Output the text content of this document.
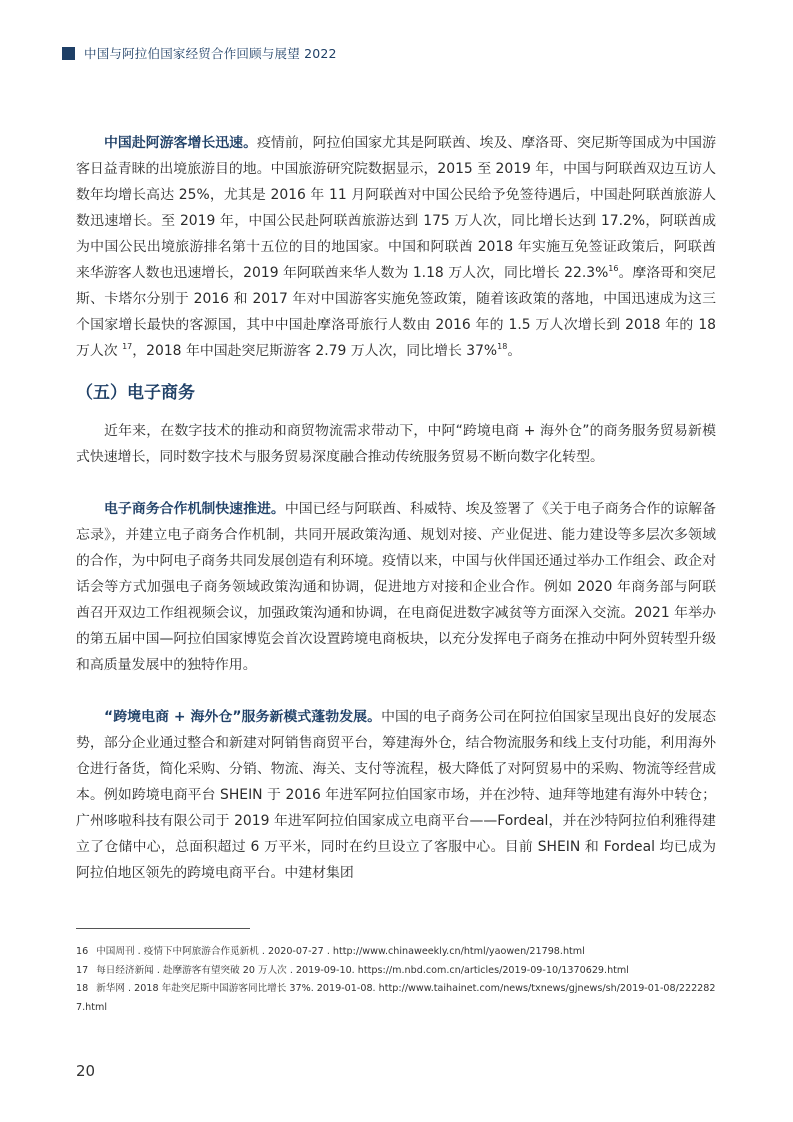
中国与阿拉伯国家经贸合作回顾与展望 2022

中国赴阿游客增长迅速。疫情前，阿拉伯国家尤其是阿联酋、埃及、摩洛哥、突尼斯等国成为中国游客日益青睐的出境旅游目的地。中国旅游研究院数据显示，2015 至 2019 年，中国与阿联酋双边互访人数年均增长高达 25%，尤其是 2016 年 11 月阿联酋对中国公民给予免签待遇后，中国赴阿联酋旅游人数迅速增长。至 2019 年，中国公民赴阿联酋旅游达到 175 万人次，同比增长达到 17.2%，阿联酋成为中国公民出境旅游排名第十五位的目的地国家。中国和阿联酋 2018 年实施互免签证政策后，阿联酋来华游客人数也迅速增长，2019 年阿联酋来华人数为 1.18 万人次，同比增长 22.3%$^{16}$。摩洛哥和突尼斯、卡塔尔分别于 2016 和 2017 年对中国游客实施免签政策，随着该政策的落地，中国迅速成为这三个国家增长最快的客源国，其中中国赴摩洛哥旅行人数由 2016 年的 1.5 万人次增长到 2018 年的 18 万人次 $^{17}$，2018 年中国赴突尼斯游客 2.79 万人次，同比增长 37%$^{18}$。

（五）电子商务

近年来，在数字技术的推动和商贸物流需求带动下，中阿“跨境电商 + 海外仓”的商务服务贸易新模式快速增长，同时数字技术与服务贸易深度融合推动传统服务贸易不断向数字化转型。

电子商务合作机制快速推进。中国已经与阿联酋、科威特、埃及签署了《关于电子商务合作的谅解备忘录》，并建立电子商务合作机制，共同开展政策沟通、规划对接、产业促进、能力建设等多层次多领域的合作，为中阿电子商务共同发展创造有利环境。疫情以来，中国与伙伴国还通过举办工作组会、政企对话会等方式加强电子商务领域政策沟通和协调，促进地方对接和企业合作。例如 2020 年商务部与阿联酋召开双边工作组视频会议，加强政策沟通和协调，在电商促进数字减贫等方面深入交流。2021 年举办的第五届中国—阿拉伯国家博览会首次设置跨境电商板块，以充分发挥电子商务在推动中阿外贸转型升级和高质量发展中的独特作用。

“跨境电商 + 海外仓”服务新模式蓬勃发展。中国的电子商务公司在阿拉伯国家呈现出良好的发展态势，部分企业通过整合和新建对阿销售商贸平台，筹建海外仓，结合物流服务和线上支付功能，利用海外仓进行备货，简化采购、分销、物流、海关、支付等流程，极大降低了对阿贸易中的采购、物流等经营成本。例如跨境电商平台 SHEIN 于 2016 年进军阿拉伯国家市场，并在沙特、迪拜等地建有海外中转仓；广州哆啦科技有限公司于 2019 年进军阿拉伯国家成立电商平台——Fordeal，并在沙特阿拉伯利雅得建立了仓储中心，总面积超过 6 万平米，同时在约旦设立了客服中心。目前 SHEIN 和 Fordeal 均已成为阿拉伯地区领先的跨境电商平台。中建材集团

16 中国周刊 . 疫情下中阿旅游合作觅新机 . 2020-07-27 . http://www.chinaweekly.cn/html/yaowen/21798.html
17 每日经济新闻 . 赴摩游客有望突破 20 万人次 . 2019-09-10. https://m.nbd.com.cn/articles/2019-09-10/1370629.html
18 新华网 . 2018 年赴突尼斯中国游客同比增长 37%. 2019-01-08. http://www.taihainet.com/news/txnews/gjnews/sh/2019-01-08/2222827.html
20
